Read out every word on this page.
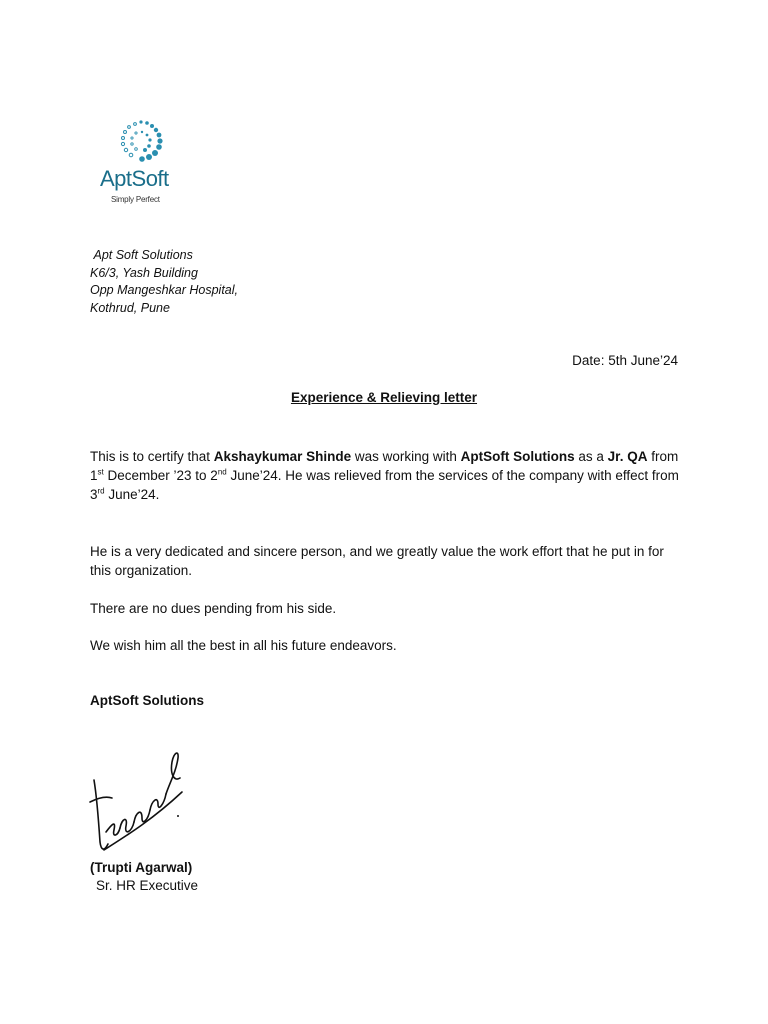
AptSoft
Simply Perfect
Apt Soft Solutions
K6/3, Yash Building
Opp Mangeshkar Hospital,
Kothrud, Pune
Date: 5th June’24
Experience & Relieving letter
This is to certify that Akshaykumar Shinde was working with AptSoft Solutions as a Jr. QA from 1st December ’23 to 2nd June’24. He was relieved from the services of the company with effect from 3rd June’24.
He is a very dedicated and sincere person, and we greatly value the work effort that he put in for this organization.
There are no dues pending from his side.
We wish him all the best in all his future endeavors.
AptSoft Solutions
(Trupti Agarwal)
Sr. HR Executive
